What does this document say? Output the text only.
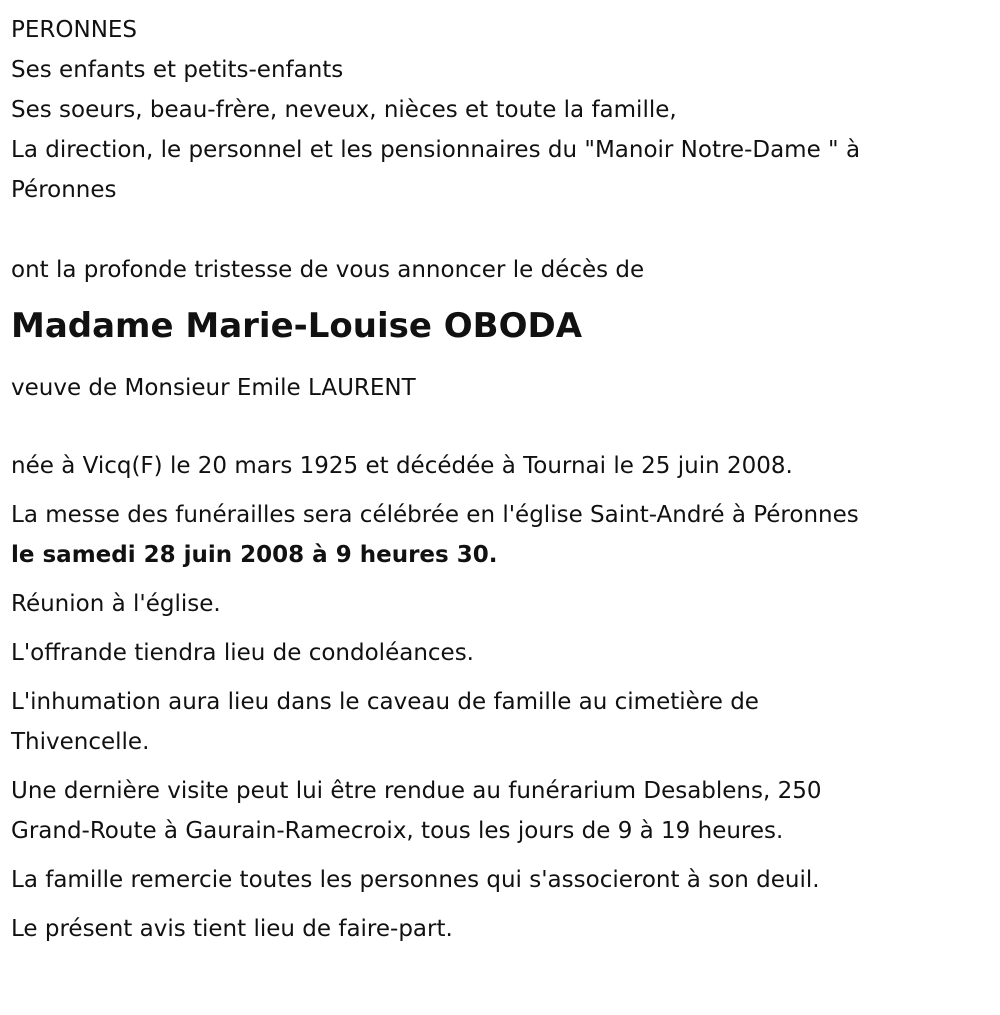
PERONNES
Ses enfants et petits-enfants
Ses soeurs, beau-frère, neveux, nièces et toute la famille,
La direction, le personnel et les pensionnaires du "Manoir Notre-Dame " à
Péronnes
ont la profonde tristesse de vous annoncer le décès de
Madame Marie-Louise OBODA
veuve de Monsieur Emile LAURENT

née à Vicq(F) le 20 mars 1925 et décédée à Tournai le 25 juin 2008.

La messe des funérailles sera célébrée en l'église Saint-André à Péronnes
le samedi 28 juin 2008 à 9 heures 30.

Réunion à l'église.

L'offrande tiendra lieu de condoléances.

L'inhumation aura lieu dans le caveau de famille au cimetière de
Thivencelle.

Une dernière visite peut lui être rendue au funérarium Desablens, 250
Grand-Route à Gaurain-Ramecroix, tous les jours de 9 à 19 heures.

La famille remercie toutes les personnes qui s'associeront à son deuil.

Le présent avis tient lieu de faire-part.
